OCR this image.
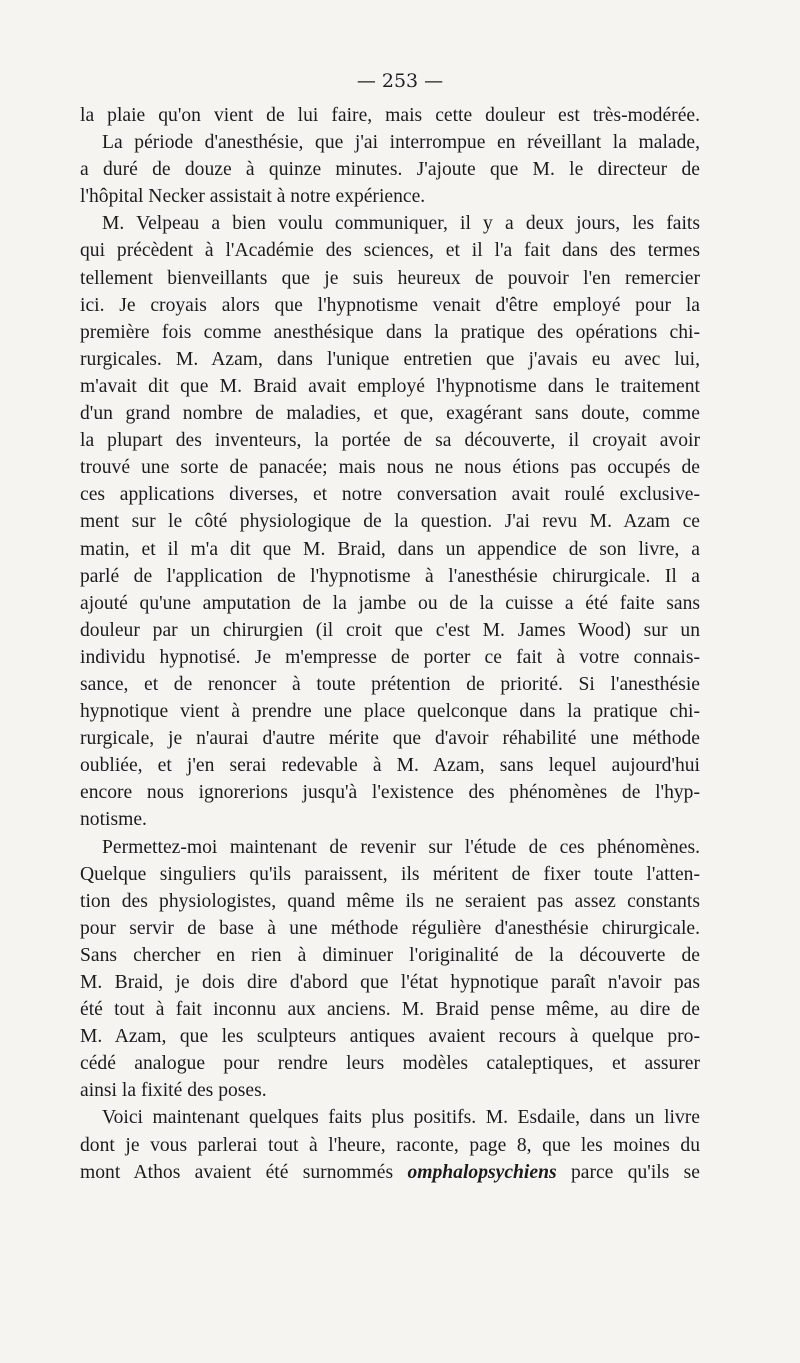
— 253 —
la plaie qu'on vient de lui faire, mais cette douleur est très-modérée.
La période d'anesthésie, que j'ai interrompue en réveillant la malade,
a duré de douze à quinze minutes. J'ajoute que M. le directeur de
l'hôpital Necker assistait à notre expérience.
M. Velpeau a bien voulu communiquer, il y a deux jours, les faits
qui précèdent à l'Académie des sciences, et il l'a fait dans des termes
tellement bienveillants que je suis heureux de pouvoir l'en remercier
ici. Je croyais alors que l'hypnotisme venait d'être employé pour la
première fois comme anesthésique dans la pratique des opérations chi-
rurgicales. M. Azam, dans l'unique entretien que j'avais eu avec lui,
m'avait dit que M. Braid avait employé l'hypnotisme dans le traitement
d'un grand nombre de maladies, et que, exagérant sans doute, comme
la plupart des inventeurs, la portée de sa découverte, il croyait avoir
trouvé une sorte de panacée; mais nous ne nous étions pas occupés de
ces applications diverses, et notre conversation avait roulé exclusive-
ment sur le côté physiologique de la question. J'ai revu M. Azam ce
matin, et il m'a dit que M. Braid, dans un appendice de son livre, a
parlé de l'application de l'hypnotisme à l'anesthésie chirurgicale. Il a
ajouté qu'une amputation de la jambe ou de la cuisse a été faite sans
douleur par un chirurgien (il croit que c'est M. James Wood) sur un
individu hypnotisé. Je m'empresse de porter ce fait à votre connais-
sance, et de renoncer à toute prétention de priorité. Si l'anesthésie
hypnotique vient à prendre une place quelconque dans la pratique chi-
rurgicale, je n'aurai d'autre mérite que d'avoir réhabilité une méthode
oubliée, et j'en serai redevable à M. Azam, sans lequel aujourd'hui
encore nous ignorerions jusqu'à l'existence des phénomènes de l'hyp-
notisme.
Permettez-moi maintenant de revenir sur l'étude de ces phénomènes.
Quelque singuliers qu'ils paraissent, ils méritent de fixer toute l'atten-
tion des physiologistes, quand même ils ne seraient pas assez constants
pour servir de base à une méthode régulière d'anesthésie chirurgicale.
Sans chercher en rien à diminuer l'originalité de la découverte de
M. Braid, je dois dire d'abord que l'état hypnotique paraît n'avoir pas
été tout à fait inconnu aux anciens. M. Braid pense même, au dire de
M. Azam, que les sculpteurs antiques avaient recours à quelque pro-
cédé analogue pour rendre leurs modèles cataleptiques, et assurer
ainsi la fixité des poses.
Voici maintenant quelques faits plus positifs. M. Esdaile, dans un livre
dont je vous parlerai tout à l'heure, raconte, page 8, que les moines du
mont Athos avaient été surnommés omphalopsychiens parce qu'ils se
